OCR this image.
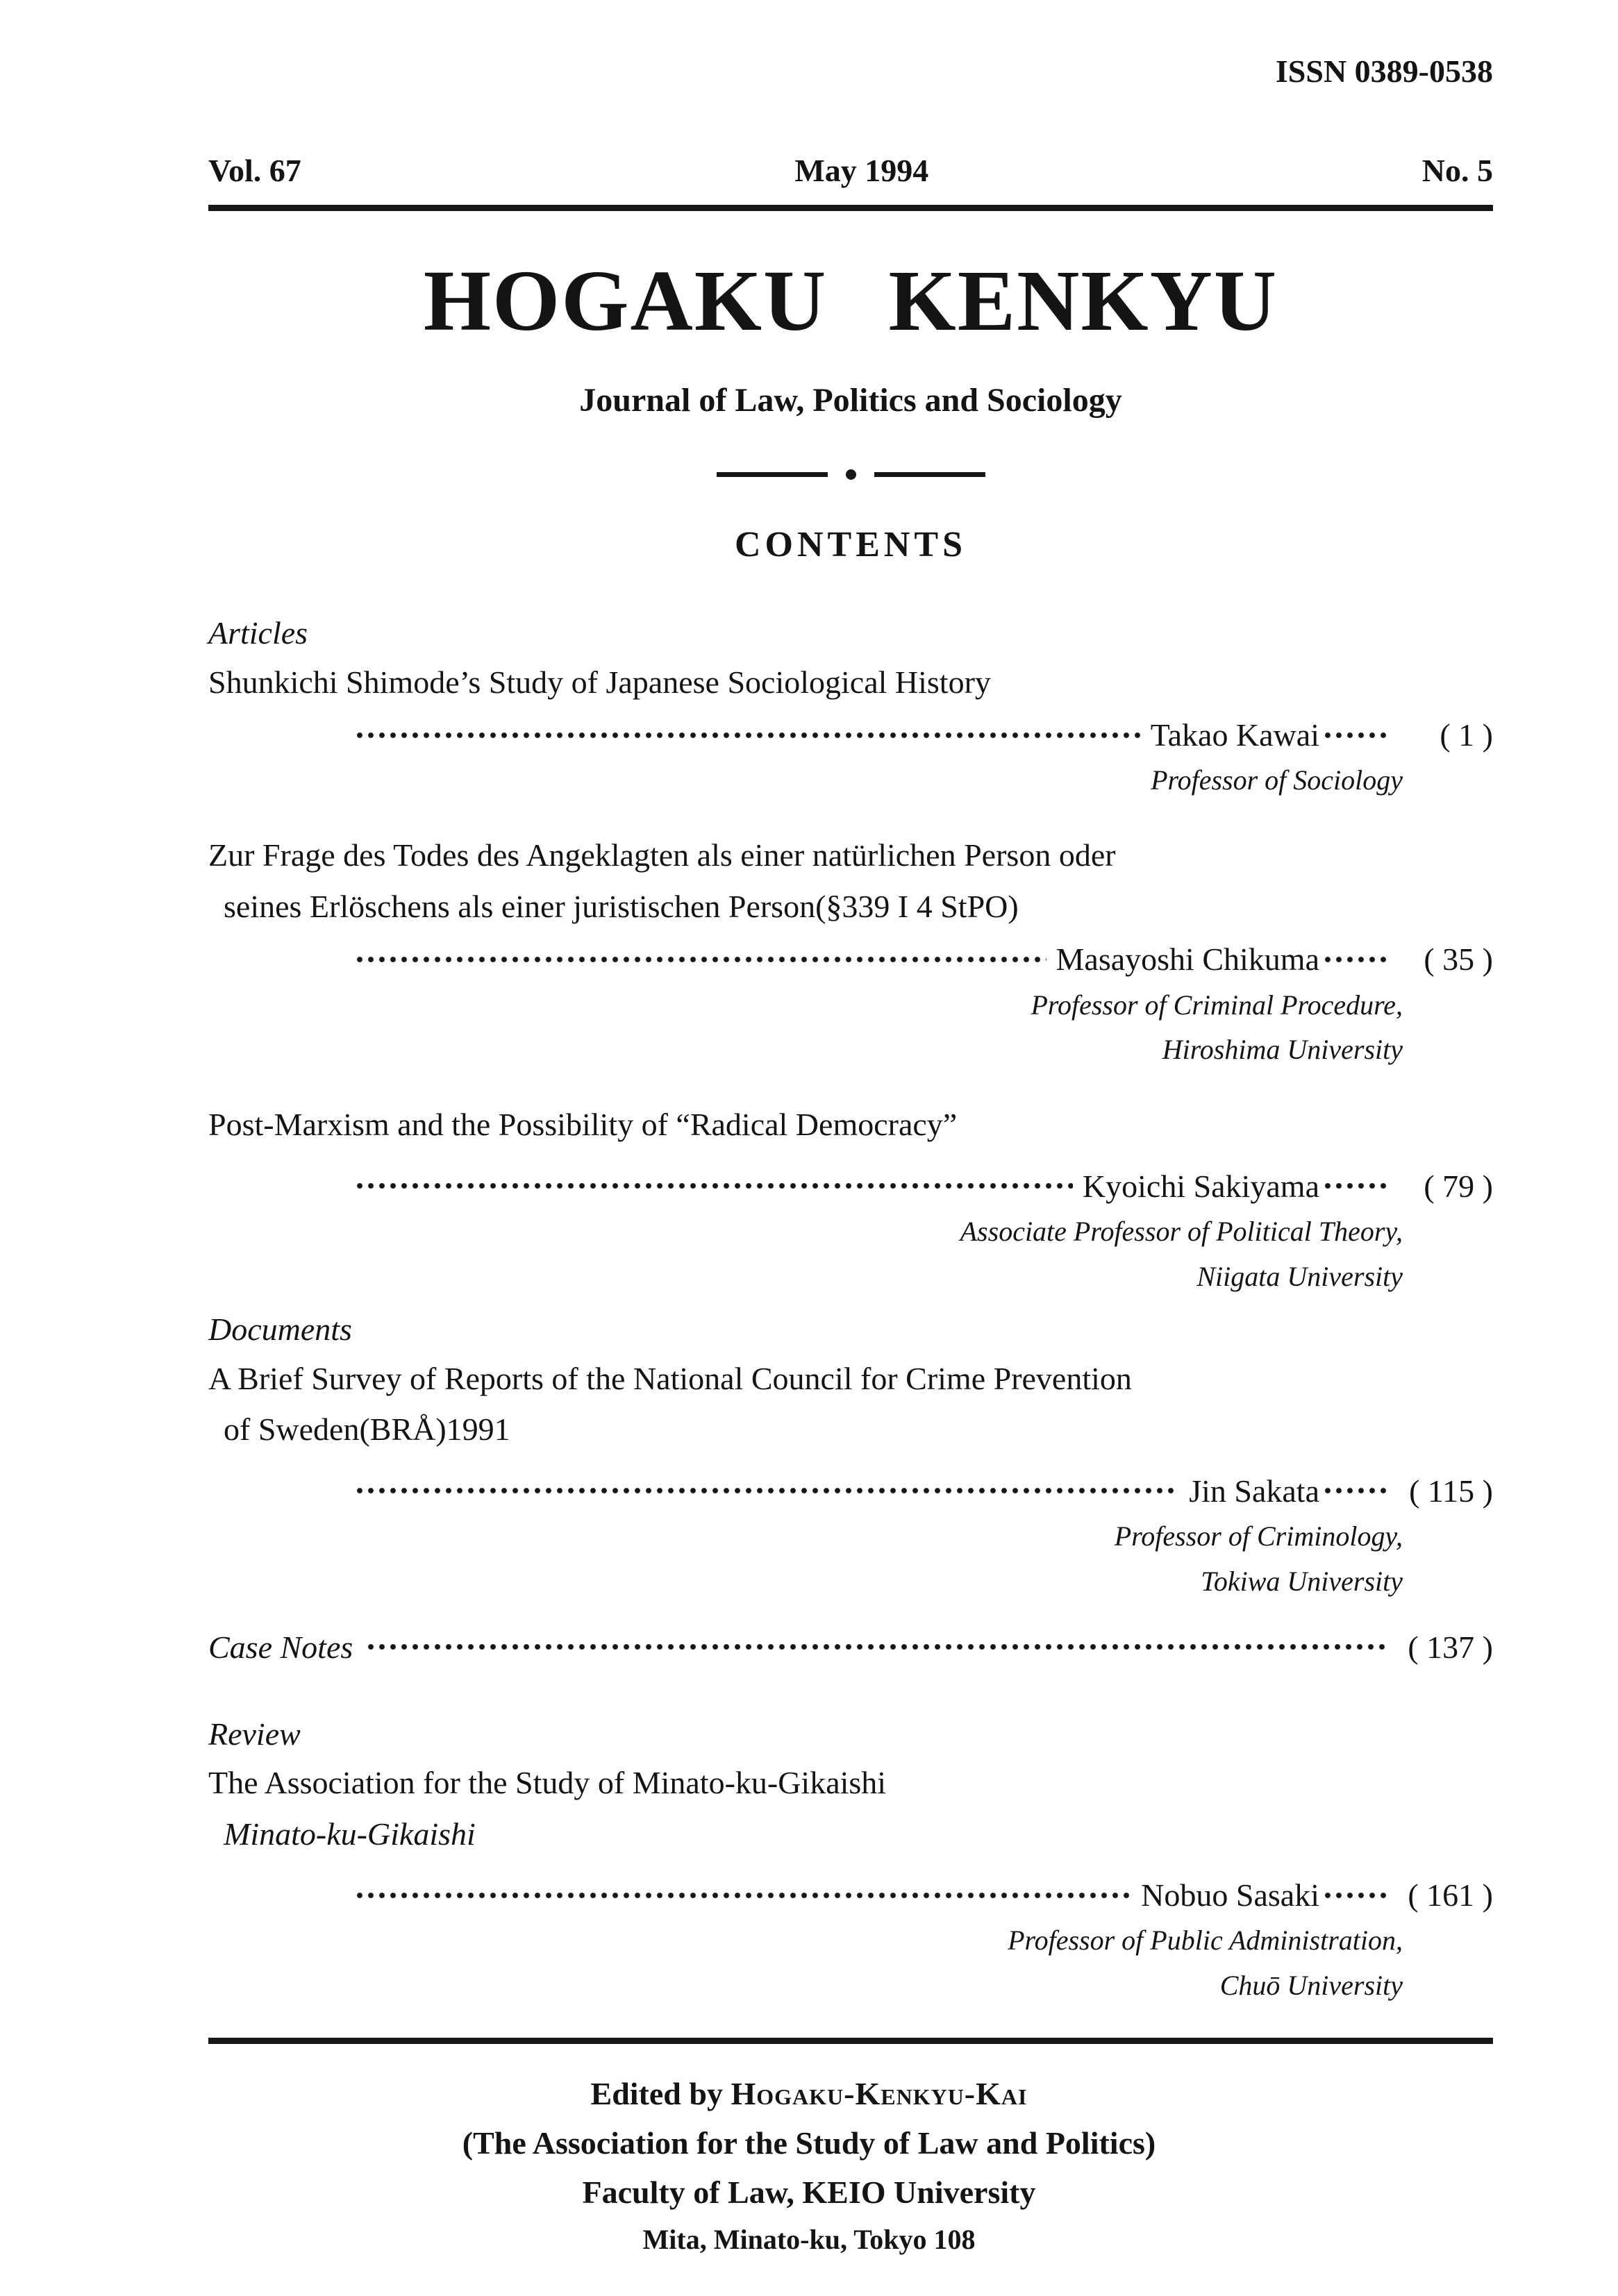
ISSN 0389-0538
Vol. 67	May 1994	No. 5
HOGAKU KENKYU
Journal of Law, Politics and Sociology
CONTENTS
Articles
Shunkichi Shimode’s Study of Japanese Sociological History
Takao Kawai	( 1 )
Professor of Sociology
Zur Frage des Todes des Angeklagten als einer natürlichen Person oder
seines Erlöschens als einer juristischen Person(§339 I 4 StPO)
Masayoshi Chikuma	( 35 )
Professor of Criminal Procedure,
Hiroshima University
Post-Marxism and the Possibility of “Radical Democracy”
Kyoichi Sakiyama	( 79 )
Associate Professor of Political Theory,
Niigata University
Documents
A Brief Survey of Reports of the National Council for Crime Prevention
of Sweden(BRÅ)1991
Jin Sakata	( 115 )
Professor of Criminology,
Tokiwa University
Case Notes	( 137 )
Review
The Association for the Study of Minato-ku-Gikaishi
Minato-ku-Gikaishi
Nobuo Sasaki	( 161 )
Professor of Public Administration,
Chuō University
Edited by Hogaku-Kenkyu-Kai
(The Association for the Study of Law and Politics)
Faculty of Law, KEIO University
Mita, Minato-ku, Tokyo 108
